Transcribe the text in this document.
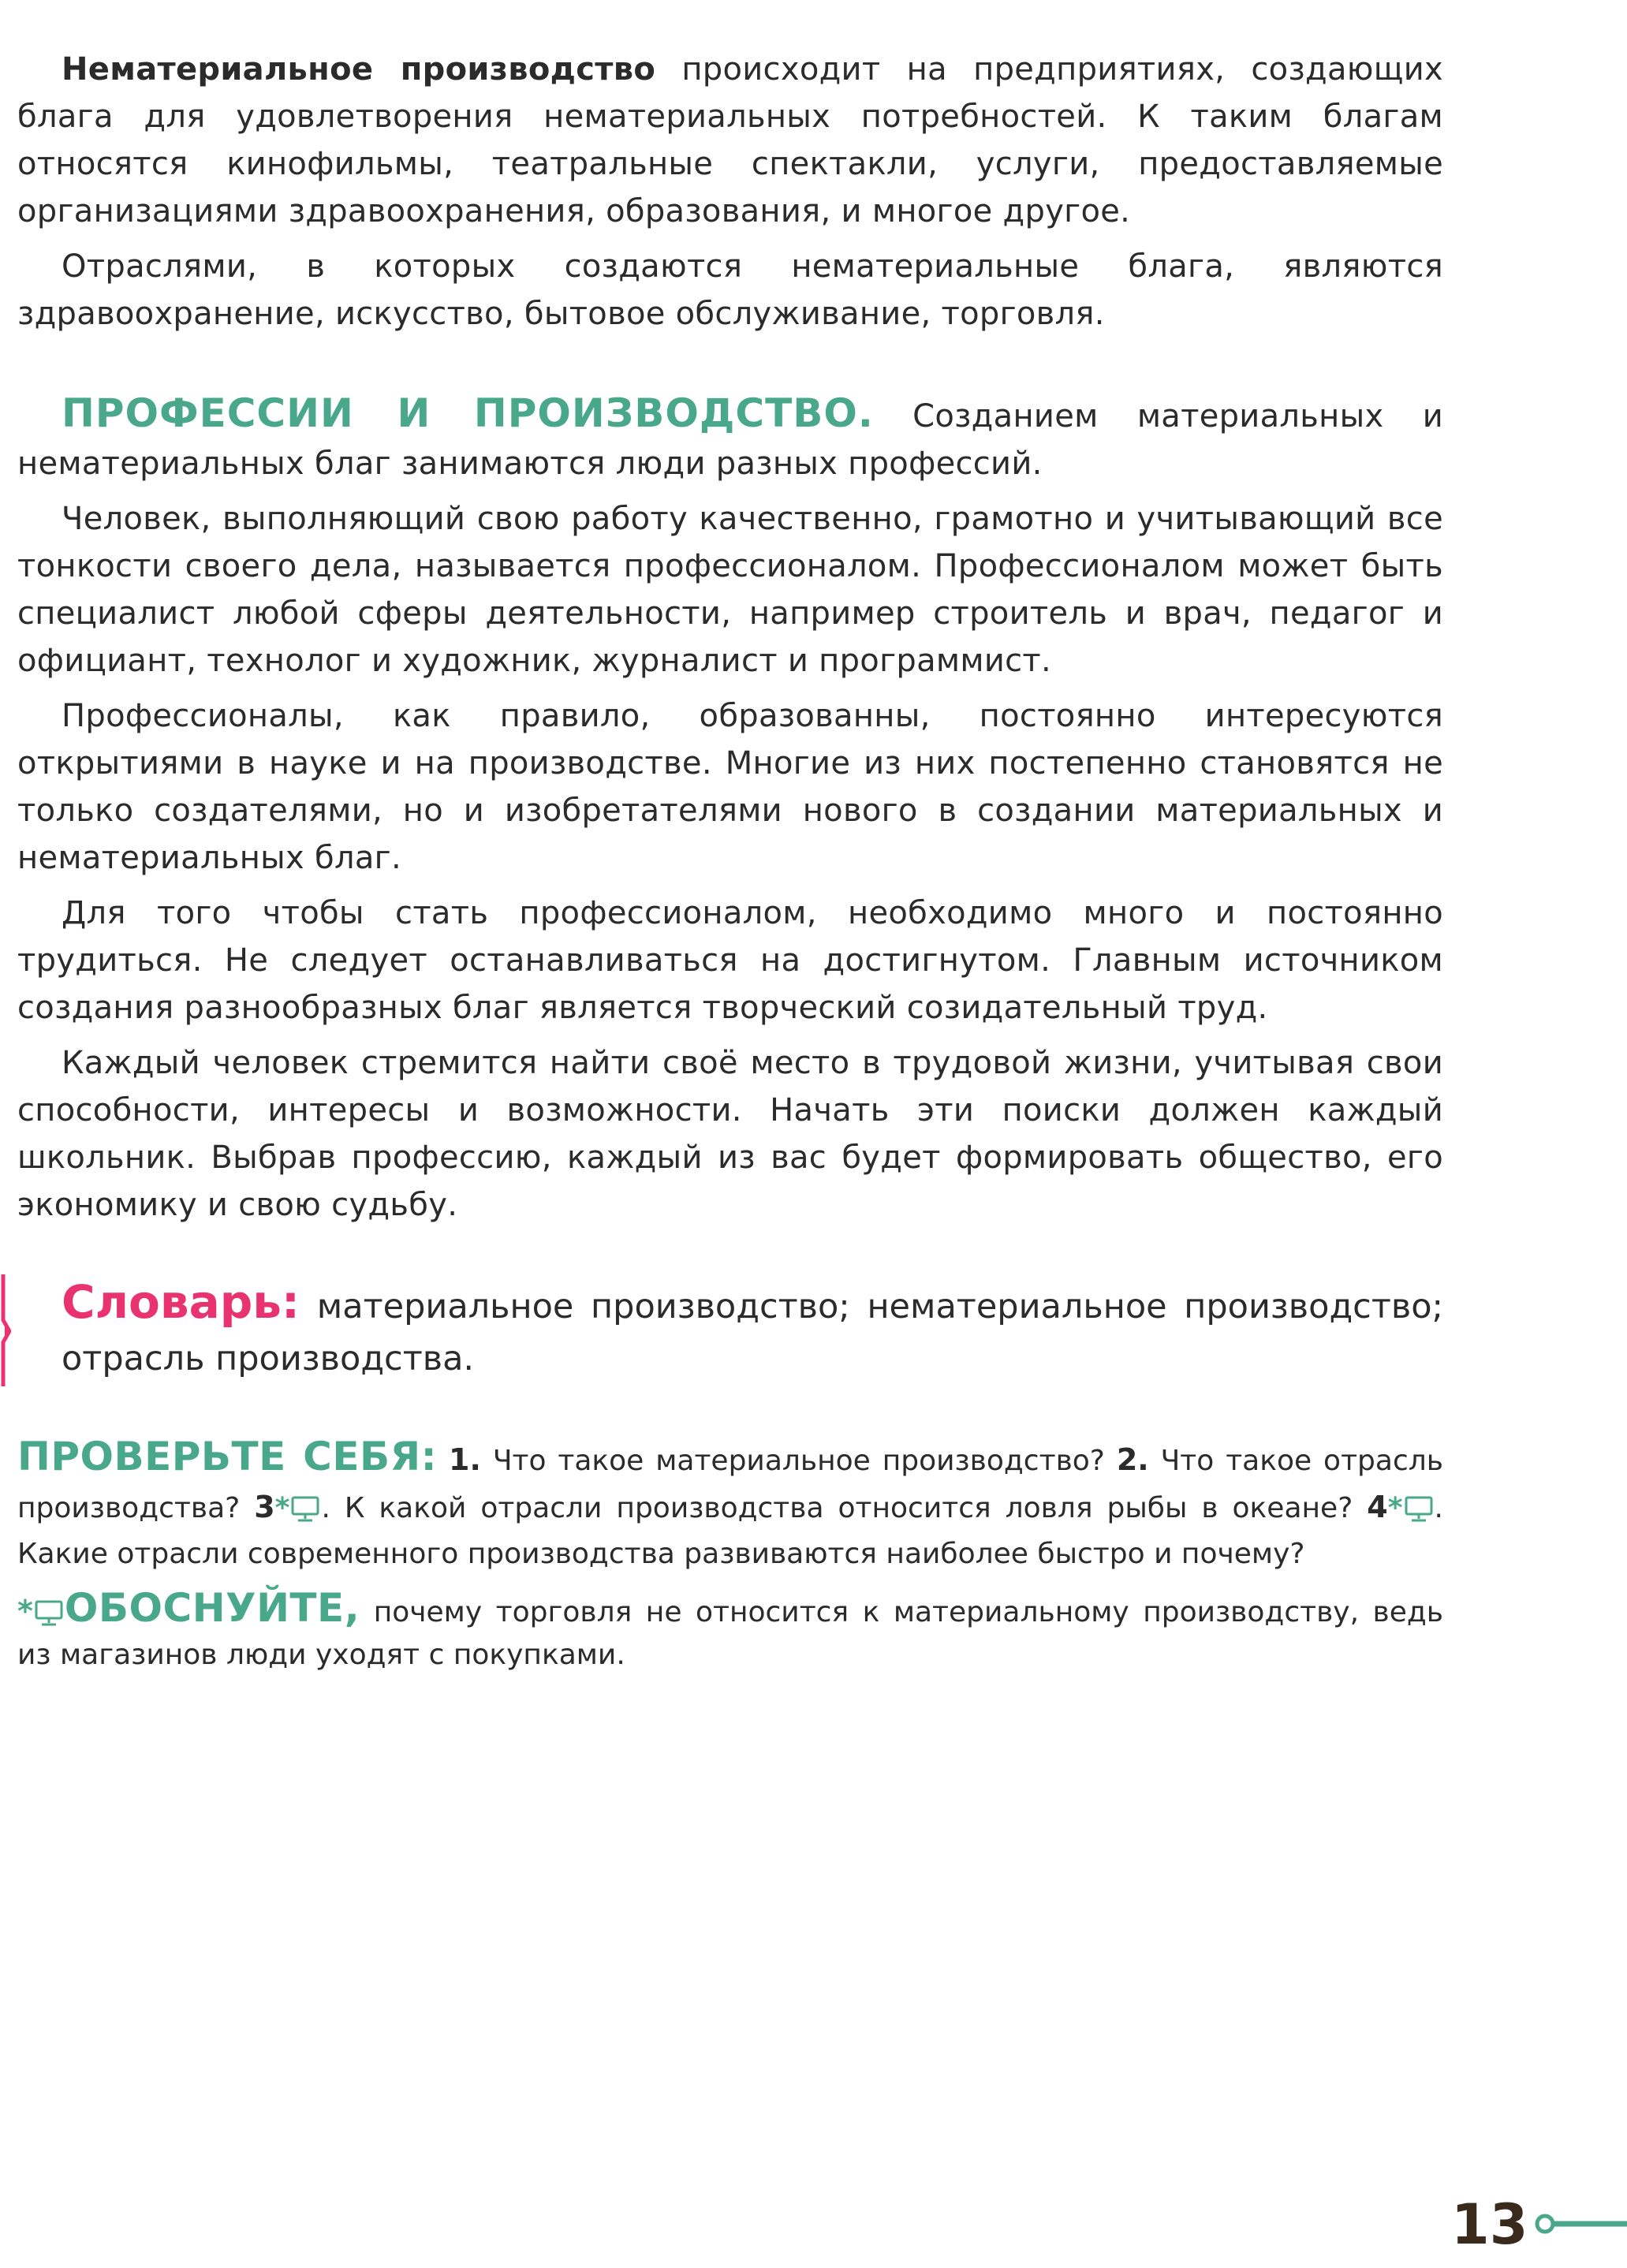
Нематериальное производство происходит на предприятиях, создающих блага для удовлетворения нематериальных потребностей. К таким благам относятся кинофильмы, театральные спектакли, услуги, предоставляемые организациями здравоохранения, образования, и многое другое.

Отраслями, в которых создаются нематериальные блага, являются здравоохранение, искусство, бытовое обслуживание, торговля.

ПРОФЕССИИ И ПРОИЗВОДСТВО. Созданием материальных и нематериальных благ занимаются люди разных профессий.

Человек, выполняющий свою работу качественно, грамотно и учитывающий все тонкости своего дела, называется профессионалом. Профессионалом может быть специалист любой сферы деятельности, например строитель и врач, педагог и официант, технолог и художник, журналист и программист.

Профессионалы, как правило, образованны, постоянно интересуются открытиями в науке и на производстве. Многие из них постепенно становятся не только создателями, но и изобретателями нового в создании материальных и нематериальных благ.

Для того чтобы стать профессионалом, необходимо много и постоянно трудиться. Не следует останавливаться на достигнутом. Главным источником создания разнообразных благ является творческий созидательный труд.

Каждый человек стремится найти своё место в трудовой жизни, учитывая свои способности, интересы и возможности. Начать эти поиски должен каждый школьник. Выбрав профессию, каждый из вас будет формировать общество, его экономику и свою судьбу.

Словарь: материальное производство; нематериальное производство; отрасль производства.
ПРОВЕРЬТЕ СЕБЯ: 1. Что такое материальное производство? 2. Что такое отрасль производства? 3* . К какой отрасли производства относится ловля рыбы в океане? 4* . Какие отрасли современного производства развиваются наиболее быстро и почему?
* ОБОСНУЙТЕ, почему торговля не относится к материальному производству, ведь из магазинов люди уходят с покупками.
13
